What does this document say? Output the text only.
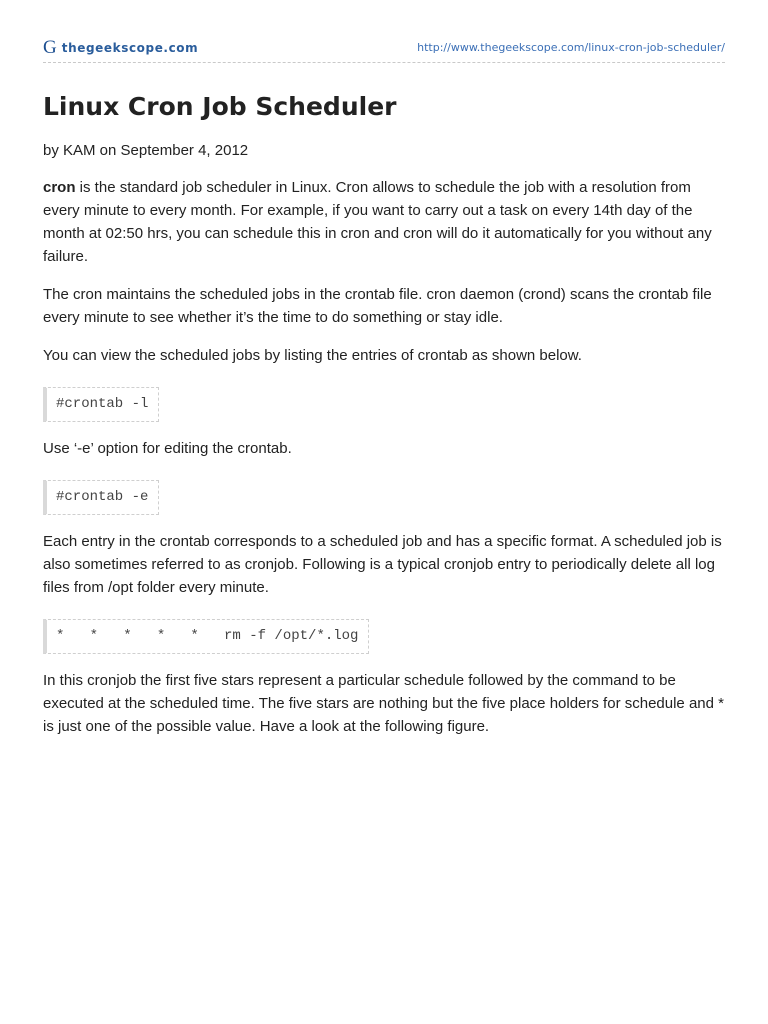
G thegeekscope.com	http://www.thegeekscope.com/linux-cron-job-scheduler/
Linux Cron Job Scheduler

by KAM on September 4, 2012

cron is the standard job scheduler in Linux. Cron allows to schedule the job with a resolution from every minute to every month. For example, if you want to carry out a task on every 14th day of the month at 02:50 hrs, you can schedule this in cron and cron will do it automatically for you without any failure.

The cron maintains the scheduled jobs in the crontab file. cron daemon (crond) scans the crontab file every minute to see whether it’s the time to do something or stay idle.

You can view the scheduled jobs by listing the entries of crontab as shown below.

#crontab -l

Use ‘-e’ option for editing the crontab.

#crontab -e

Each entry in the crontab corresponds to a scheduled job and has a specific format. A scheduled job is also sometimes referred to as cronjob. Following is a typical cronjob entry to periodically delete all log files from /opt folder every minute.

*   *   *   *   *   rm -f /opt/*.log

In this cronjob the first five stars represent a particular schedule followed by the command to be executed at the scheduled time. The five stars are nothing but the five place holders for schedule and * is just one of the possible value. Have a look at the following figure.
